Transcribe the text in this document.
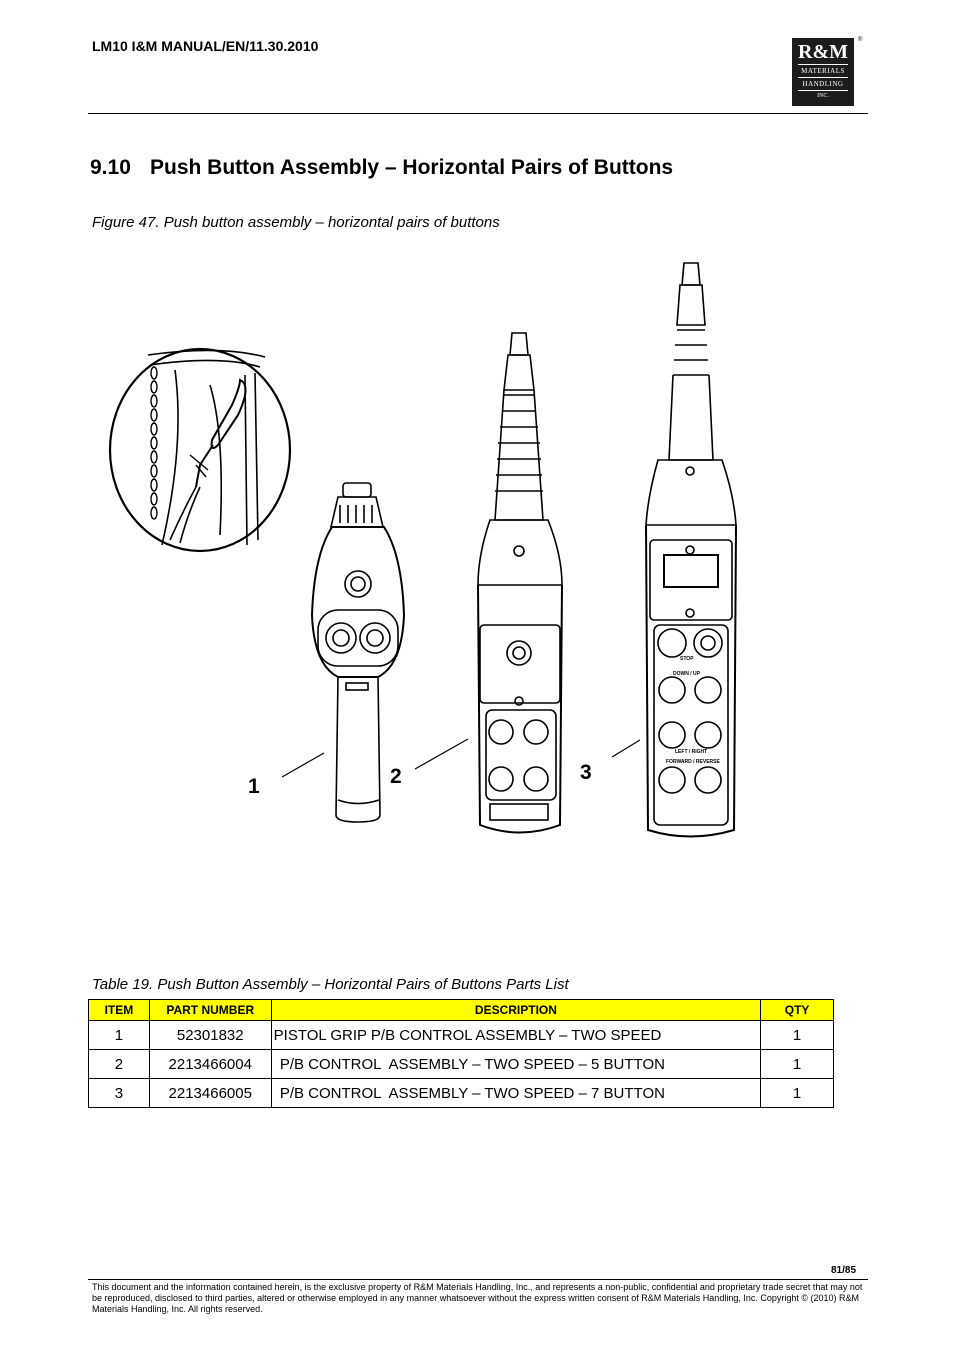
LM10 I&M MANUAL/EN/11.30.2010	R&M
MATERIALS
HANDLING
INC.
®
9.10 Push Button Assembly – Horizontal Pairs of Buttons
Figure 47. Push button assembly – horizontal pairs of buttons
STOP
DOWN / UP
LEFT / RIGHT
FORWARD / REVERSE
1	2	3
Table 19. Push Button Assembly – Horizontal Pairs of Buttons Parts List
ITEM	PART NUMBER	DESCRIPTION	QTY
1	52301832	PISTOL GRIP P/B CONTROL ASSEMBLY – TWO SPEED	1
2	2213466004	P/B CONTROL  ASSEMBLY – TWO SPEED – 5 BUTTON	1
3	2213466005	P/B CONTROL  ASSEMBLY – TWO SPEED – 7 BUTTON	1
81/85
This document and the information contained herein, is the exclusive property of R&M Materials Handling, Inc., and represents a non-public, confidential and proprietary trade secret that may not be reproduced, disclosed to third parties, altered or otherwise employed in any manner whatsoever without the express written consent of R&M Materials Handling, Inc. Copyright © (2010) R&M Materials Handling, Inc. All rights reserved.
